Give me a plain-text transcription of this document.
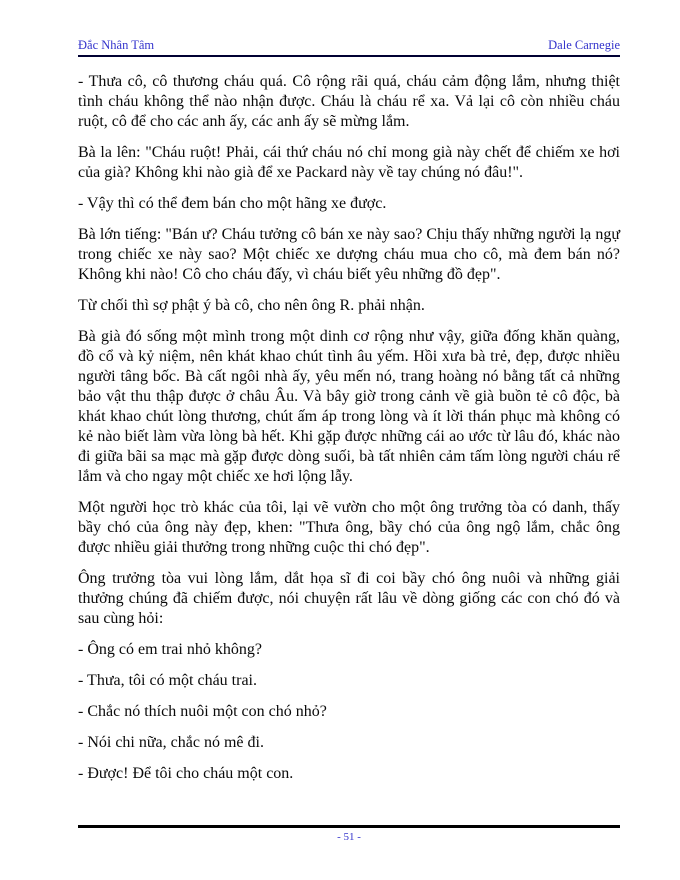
Đắc Nhân Tâm	Dale Carnegie

- Thưa cô, cô thương cháu quá. Cô rộng rãi quá, cháu cảm động lắm, nhưng thiệt tình cháu không thể nào nhận được. Cháu là cháu rể xa. Vả lại cô còn nhiều cháu ruột, cô để cho các anh ấy, các anh ấy sẽ mừng lắm.

Bà la lên: "Cháu ruột! Phải, cái thứ cháu nó chỉ mong già này chết để chiếm xe hơi của già? Không khi nào già để xe Packard này về tay chúng nó đâu!".

- Vậy thì có thể đem bán cho một hãng xe được.

Bà lớn tiếng: "Bán ư? Cháu tưởng cô bán xe này sao? Chịu thấy những người lạ ngự trong chiếc xe này sao? Một chiếc xe dượng cháu mua cho cô, mà đem bán nó? Không khi nào! Cô cho cháu đấy, vì cháu biết yêu những đồ đẹp".

Từ chối thì sợ phật ý bà cô, cho nên ông R. phải nhận.

Bà già đó sống một mình trong một dinh cơ rộng như vậy, giữa đống khăn quàng, đồ cổ và kỷ niệm, nên khát khao chút tình âu yếm. Hồi xưa bà trẻ, đẹp, được nhiều người tâng bốc. Bà cất ngôi nhà ấy, yêu mến nó, trang hoàng nó bằng tất cả những bảo vật thu thập được ở châu Âu. Và bây giờ trong cảnh về già buồn tẻ cô độc, bà khát khao chút lòng thương, chút ấm áp trong lòng và ít lời thán phục mà không có kẻ nào biết làm vừa lòng bà hết. Khi gặp được những cái ao ước từ lâu đó, khác nào đi giữa bãi sa mạc mà gặp được dòng suối, bà tất nhiên cảm tấm lòng người cháu rể lắm và cho ngay một chiếc xe hơi lộng lẫy.

Một người học trò khác của tôi, lại vẽ vườn cho một ông trưởng tòa có danh, thấy bầy chó của ông này đẹp, khen: "Thưa ông, bầy chó của ông ngộ lắm, chắc ông được nhiều giải thưởng trong những cuộc thi chó đẹp".

Ông trưởng tòa vui lòng lắm, dắt họa sĩ đi coi bầy chó ông nuôi và những giải thưởng chúng đã chiếm được, nói chuyện rất lâu về dòng giống các con chó đó và sau cùng hỏi:

- Ông có em trai nhỏ không?

- Thưa, tôi có một cháu trai.

- Chắc nó thích nuôi một con chó nhỏ?

- Nói chi nữa, chắc nó mê đi.

- Được! Để tôi cho cháu một con.

- 51 -
